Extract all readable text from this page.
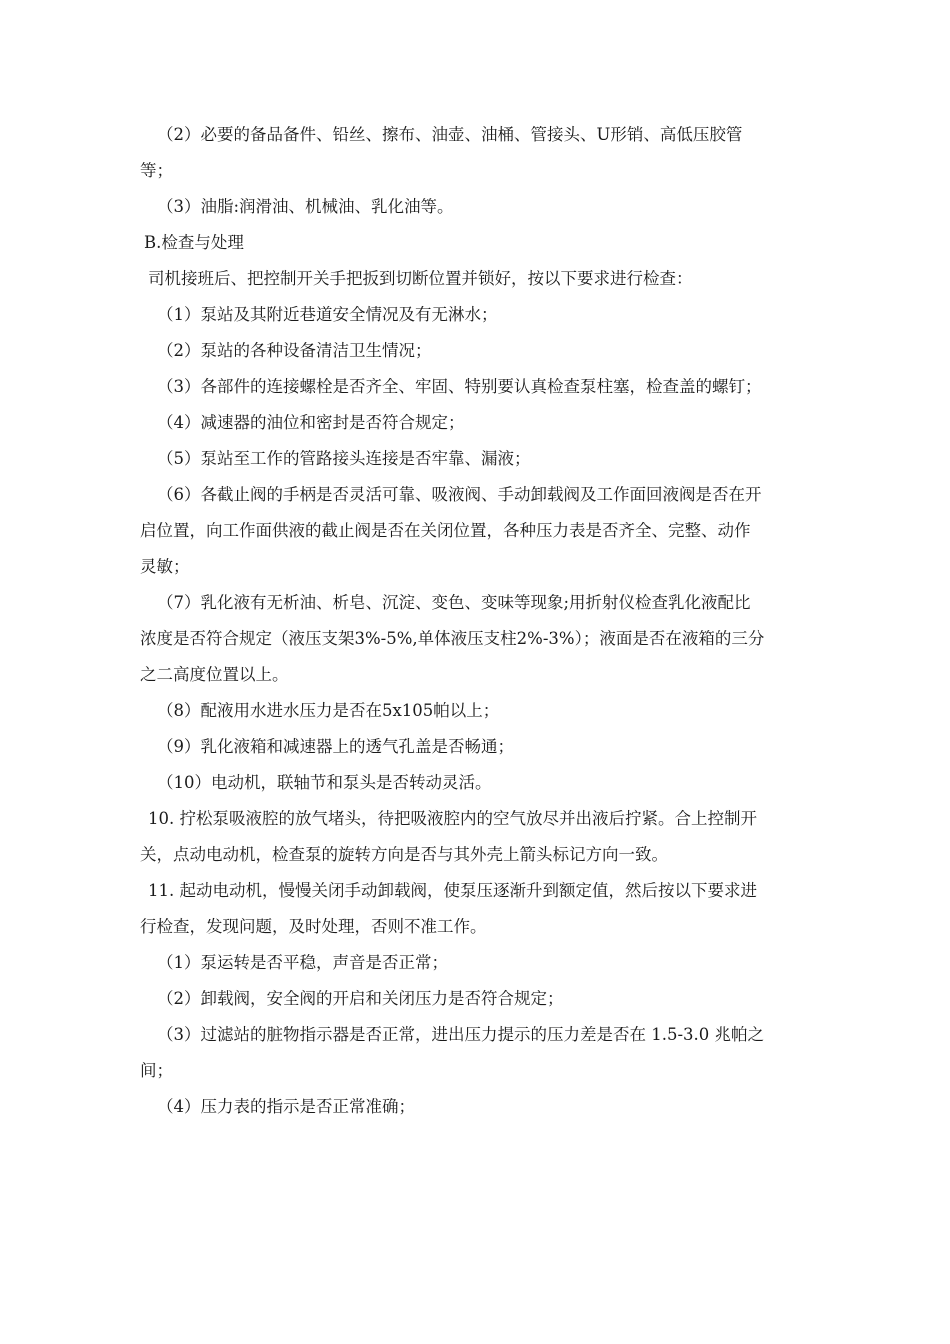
（2）必要的备品备件、铅丝、擦布、油壶、油桶、管接头、U形销、高低压胶管
等；
（3）油脂:润滑油、机械油、乳化油等。
B.检查与处理
司机接班后、把控制开关手把扳到切断位置并锁好，按以下要求进行检查：
（1）泵站及其附近巷道安全情况及有无淋水；
（2）泵站的各种设备清洁卫生情况；
（3）各部件的连接螺栓是否齐全、牢固、特别要认真检查泵柱塞，检查盖的螺钉；
（4）减速器的油位和密封是否符合规定；
（5）泵站至工作的管路接头连接是否牢靠、漏液；
（6）各截止阀的手柄是否灵活可靠、吸液阀、手动卸载阀及工作面回液阀是否在开
启位置，向工作面供液的截止阀是否在关闭位置，各种压力表是否齐全、完整、动作
灵敏；
（7）乳化液有无析油、析皂、沉淀、变色、变味等现象;用折射仪检查乳化液配比
浓度是否符合规定（液压支架3%-5%,单体液压支柱2%-3%）；液面是否在液箱的三分
之二高度位置以上。
（8）配液用水进水压力是否在5x105帕以上；
（9）乳化液箱和减速器上的透气孔盖是否畅通；
（10）电动机，联轴节和泵头是否转动灵活。
10. 拧松泵吸液腔的放气堵头，待把吸液腔内的空气放尽并出液后拧紧。合上控制开
关，点动电动机，检查泵的旋转方向是否与其外壳上箭头标记方向一致。
11. 起动电动机，慢慢关闭手动卸载阀，使泵压逐渐升到额定值，然后按以下要求进
行检查，发现问题，及时处理，否则不准工作。
（1）泵运转是否平稳，声音是否正常；
（2）卸载阀，安全阀的开启和关闭压力是否符合规定；
（3）过滤站的脏物指示器是否正常，进出压力提示的压力差是否在 1.5-3.0 兆帕之
间；
（4）压力表的指示是否正常准确；
